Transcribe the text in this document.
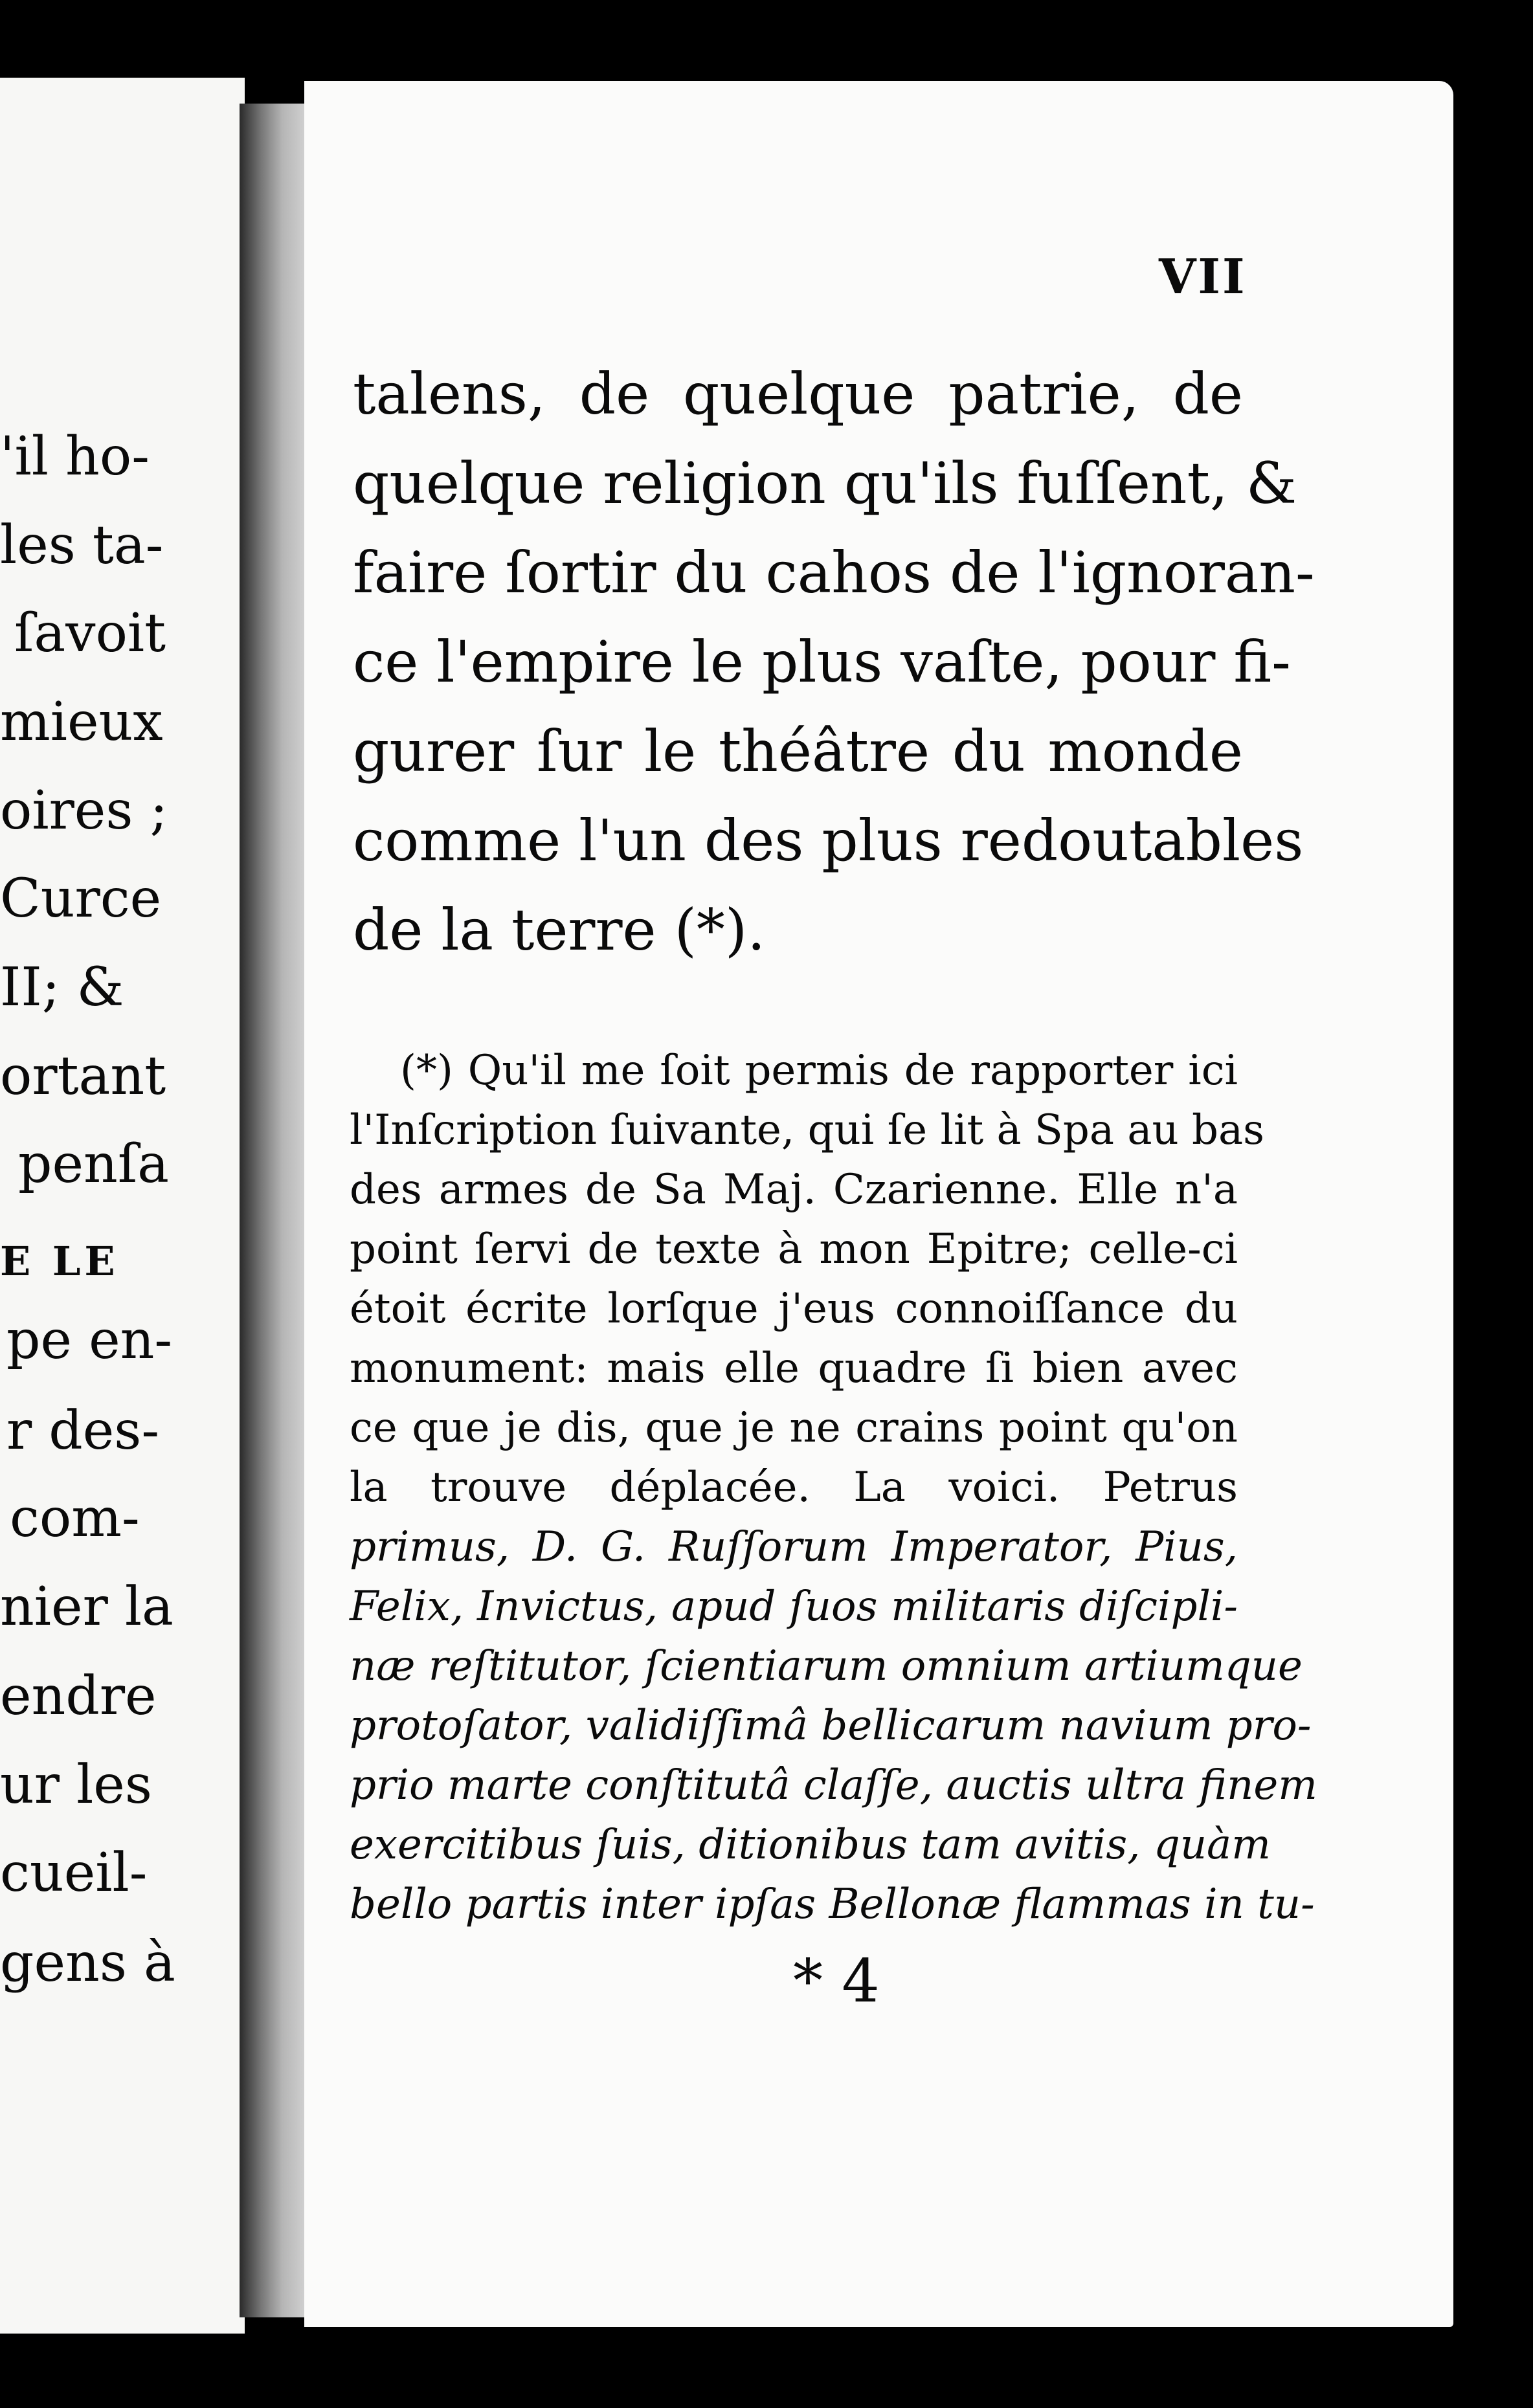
'il ho-
les ta-
ſavoit
mieux
oires ;
Curce
II; &
ortant
penſa
E LE
pe en-
r des-
com-
nier la
endre
ur les
cueil-
gens à
VII
talens, de quelque patrie, de
quelque religion qu'ils fuſſent, &
faire ſortir du cahos de l'ignoran-
ce l'empire le plus vaſte, pour fi-
gurer ſur le théâtre du monde
comme l'un des plus redoutables
de la terre (*).
(*) Qu'il me ſoit permis de rapporter ici
l'Inſcription ſuivante, qui ſe lit à Spa au bas
des armes de Sa Maj. Czarienne. Elle n'a
point ſervi de texte à mon Epitre; celle-ci
étoit écrite lorſque j'eus connoiſſance du
monument: mais elle quadre ſi bien avec
ce que je dis, que je ne crains point qu'on
la trouve déplacée. La voici. Petrus
primus, D. G. Ruſſorum Imperator, Pius,
Felix, Invictus, apud ſuos militaris diſcipli-
næ reſtitutor, ſcientiarum omnium artiumque
protoſator, validiſſimâ bellicarum navium pro-
prio marte conſtitutâ claſſe, auctis ultra finem
exercitibus ſuis, ditionibus tam avitis, quàm
bello partis inter ipſas Bellonæ flammas in tu-
* 4
